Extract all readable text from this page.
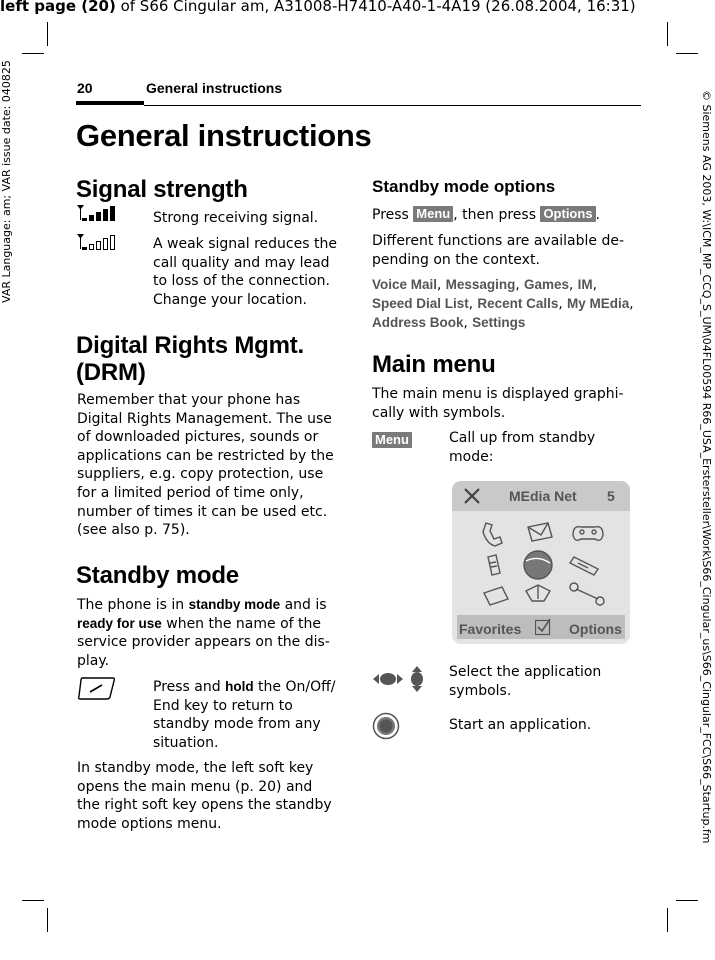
left page (20) of S66 Cingular am, A31008-H7410-A40-1-4A19 (26.08.2004, 16:31)
VAR Language: am; VAR issue date: 040825	© Siemens AG 2003, W:\ICM_MP_CCQ_S_UM\04FL00594 R66_USA_Erstersteller\Work\S66_Cingular_us\S66_Cingular_FCC\S66_Startup.fm
20	General instructions
General instructions
Signal strength
Strong receiving signal.
A weak signal reduces the call quality and may lead to loss of the connection. Change your location.
Digital Rights Mgmt.
(DRM)
Remember that your phone has
Digital Rights Management. The use
of downloaded pictures, sounds or
applications can be restricted by the
suppliers, e.g. copy protection, use
for a limited period of time only,
number of times it can be used etc.
(see also p. 75).
Standby mode
The phone is in standby mode and is
ready for use when the name of the
service provider appears on the dis-
play.
Press and hold the On/Off/
End key to return to
standby mode from any
situation.
In standby mode, the left soft key
opens the main menu (p. 20) and
the right soft key opens the standby
mode options menu.
Standby mode options
Press Menu , then press Options .
Different functions are available de-
pending on the context.
Voice Mail, Messaging, Games, IM,
Speed Dial List, Recent Calls, My MEdia,
Address Book, Settings
Main menu
The main menu is displayed graphi-
cally with symbols.
Menu	Call up from standby
mode:
MEdia Net 5
Favorites	Options
Select the application
symbols.
Start an application.
